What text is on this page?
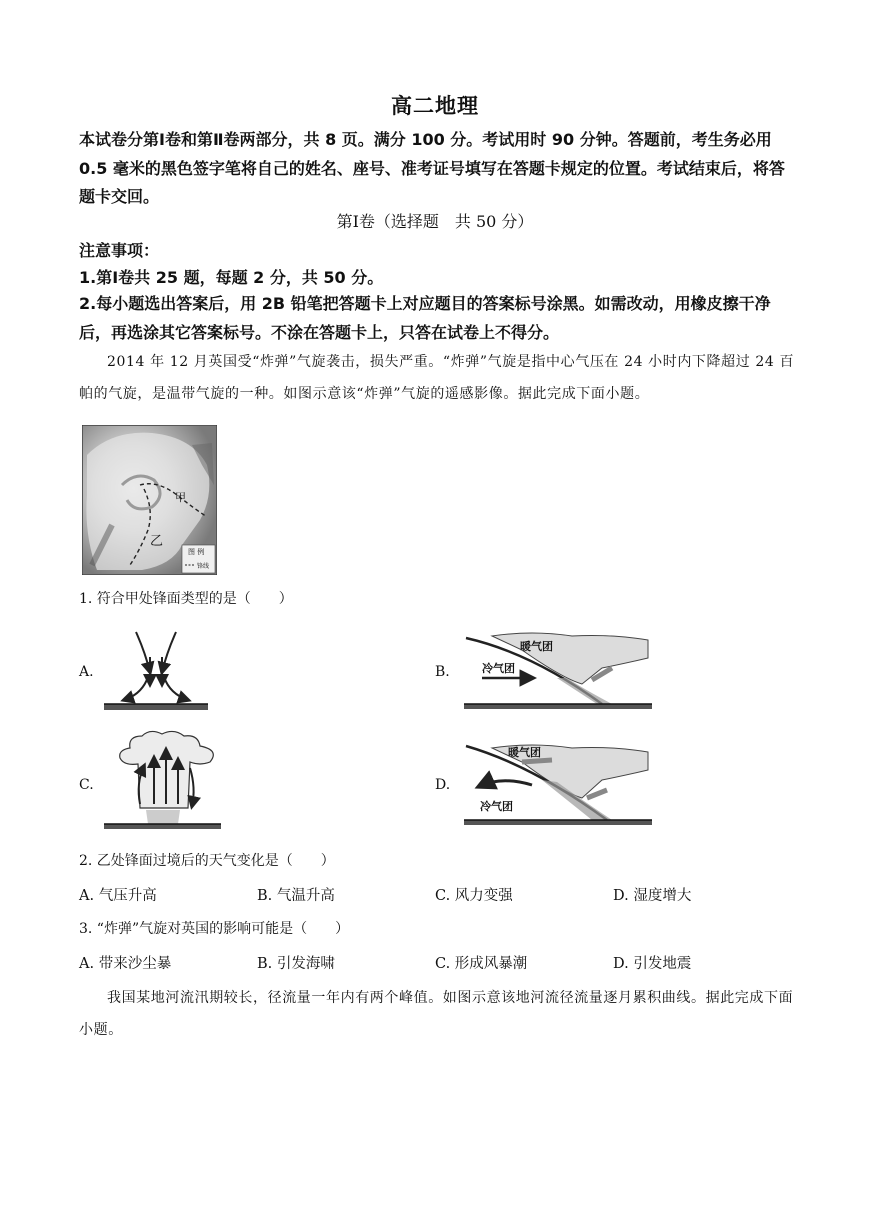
高二地理
本试卷分第Ⅰ卷和第Ⅱ卷两部分，共 8 页。满分 100 分。考试用时 90 分钟。答题前，考生务必用 0.5 毫米的黑色签字笔将自己的姓名、座号、准考证号填写在答题卡规定的位置。考试结束后，将答题卡交回。
第Ⅰ卷（选择题　共 50 分）
注意事项：
1.第Ⅰ卷共 25 题，每题 2 分，共 50 分。
2.每小题选出答案后，用 2B 铅笔把答题卡上对应题目的答案标号涂黑。如需改动，用橡皮擦干净后，再选涂其它答案标号。不涂在答题卡上，只答在试卷上不得分。
2014 年 12 月英国受“炸弹”气旋袭击，损失严重。“炸弹”气旋是指中心气压在 24 小时内下降超过 24 百帕的气旋，是温带气旋的一种。如图示意该“炸弹”气旋的遥感影像。据此完成下面小题。
甲
乙
图 例
锋线
1. 符合甲处锋面类型的是（　　）
A.	B.
暖气团
冷气团
C.	D.
暖气团
冷气团
2. 乙处锋面过境后的天气变化是（　　）
A. 气压升高	B. 气温升高	C. 风力变强	D. 湿度增大
3. “炸弹”气旋对英国的影响可能是（　　）
A. 带来沙尘暴	B. 引发海啸	C. 形成风暴潮	D. 引发地震
我国某地河流汛期较长，径流量一年内有两个峰值。如图示意该地河流径流量逐月累积曲线。据此完成下面小题。
